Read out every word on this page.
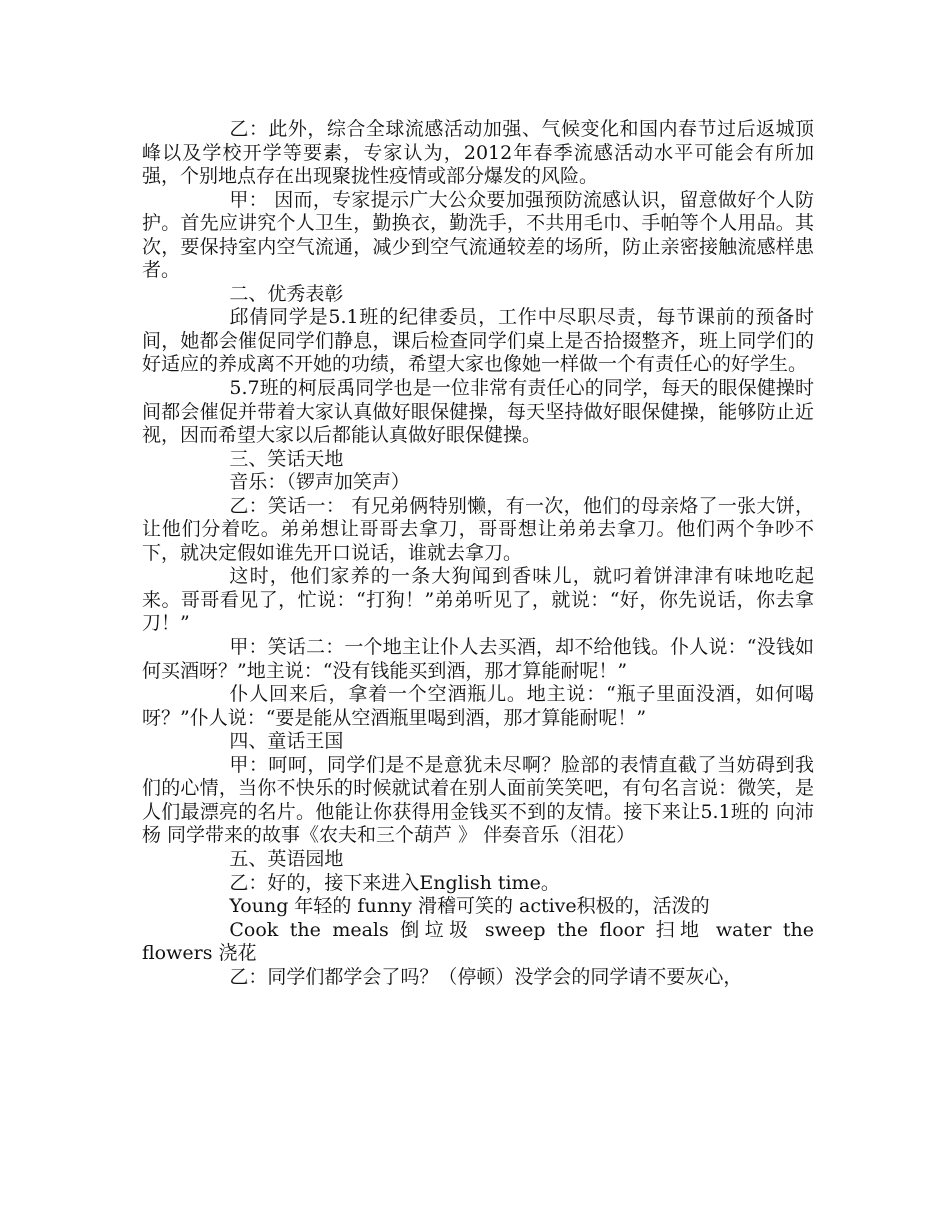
乙：此外，综合全球流感活动加强、气候变化和国内春节过后返城顶峰以及学校开学等要素，专家认为，2012年春季流感活动水平可能会有所加强，个别地点存在出现聚拢性疫情或部分爆发的风险。

甲： 因而，专家提示广大公众要加强预防流感认识，留意做好个人防护。首先应讲究个人卫生，勤换衣，勤洗手，不共用毛巾、手帕等个人用品。其次，要保持室内空气流通，减少到空气流通较差的场所，防止亲密接触流感样患者。

二、优秀表彰

邱倩同学是5.1班的纪律委员，工作中尽职尽责，每节课前的预备时间，她都会催促同学们静息，课后检查同学们桌上是否拾掇整齐，班上同学们的好适应的养成离不开她的功绩，希望大家也像她一样做一个有责任心的好学生。

5.7班的柯辰禹同学也是一位非常有责任心的同学，每天的眼保健操时间都会催促并带着大家认真做好眼保健操，每天坚持做好眼保健操，能够防止近视，因而希望大家以后都能认真做好眼保健操。

三、笑话天地

音乐：（锣声加笑声）

乙：笑话一： 有兄弟俩特别懒，有一次，他们的母亲烙了一张大饼，让他们分着吃。弟弟想让哥哥去拿刀，哥哥想让弟弟去拿刀。他们两个争吵不下，就决定假如谁先开口说话，谁就去拿刀。

这时，他们家养的一条大狗闻到香味儿，就叼着饼津津有味地吃起来。哥哥看见了，忙说：“打狗！”弟弟听见了，就说：“好，你先说话，你去拿刀！”

甲：笑话二：一个地主让仆人去买酒，却不给他钱。仆人说：“没钱如何买酒呀？”地主说：“没有钱能买到酒，那才算能耐呢！”

仆人回来后，拿着一个空酒瓶儿。地主说：“瓶子里面没酒，如何喝呀？”仆人说：“要是能从空酒瓶里喝到酒，那才算能耐呢！”

四、童话王国

甲：呵呵，同学们是不是意犹未尽啊？脸部的表情直截了当妨碍到我们的心情，当你不快乐的时候就试着在别人面前笑笑吧，有句名言说：微笑，是人们最漂亮的名片。他能让你获得用金钱买不到的友情。接下来让5.1班的 向沛杨 同学带来的故事《农夫和三个葫芦 》 伴奏音乐（泪花）

五、英语园地

乙：好的，接下来进入English time。

Young 年轻的 funny 滑稽可笑的 active积极的，活泼的

Cook the meals 倒垃圾 sweep the floor 扫地 water the flowers 浇花

乙：同学们都学会了吗？（停顿）没学会的同学请不要灰心，
